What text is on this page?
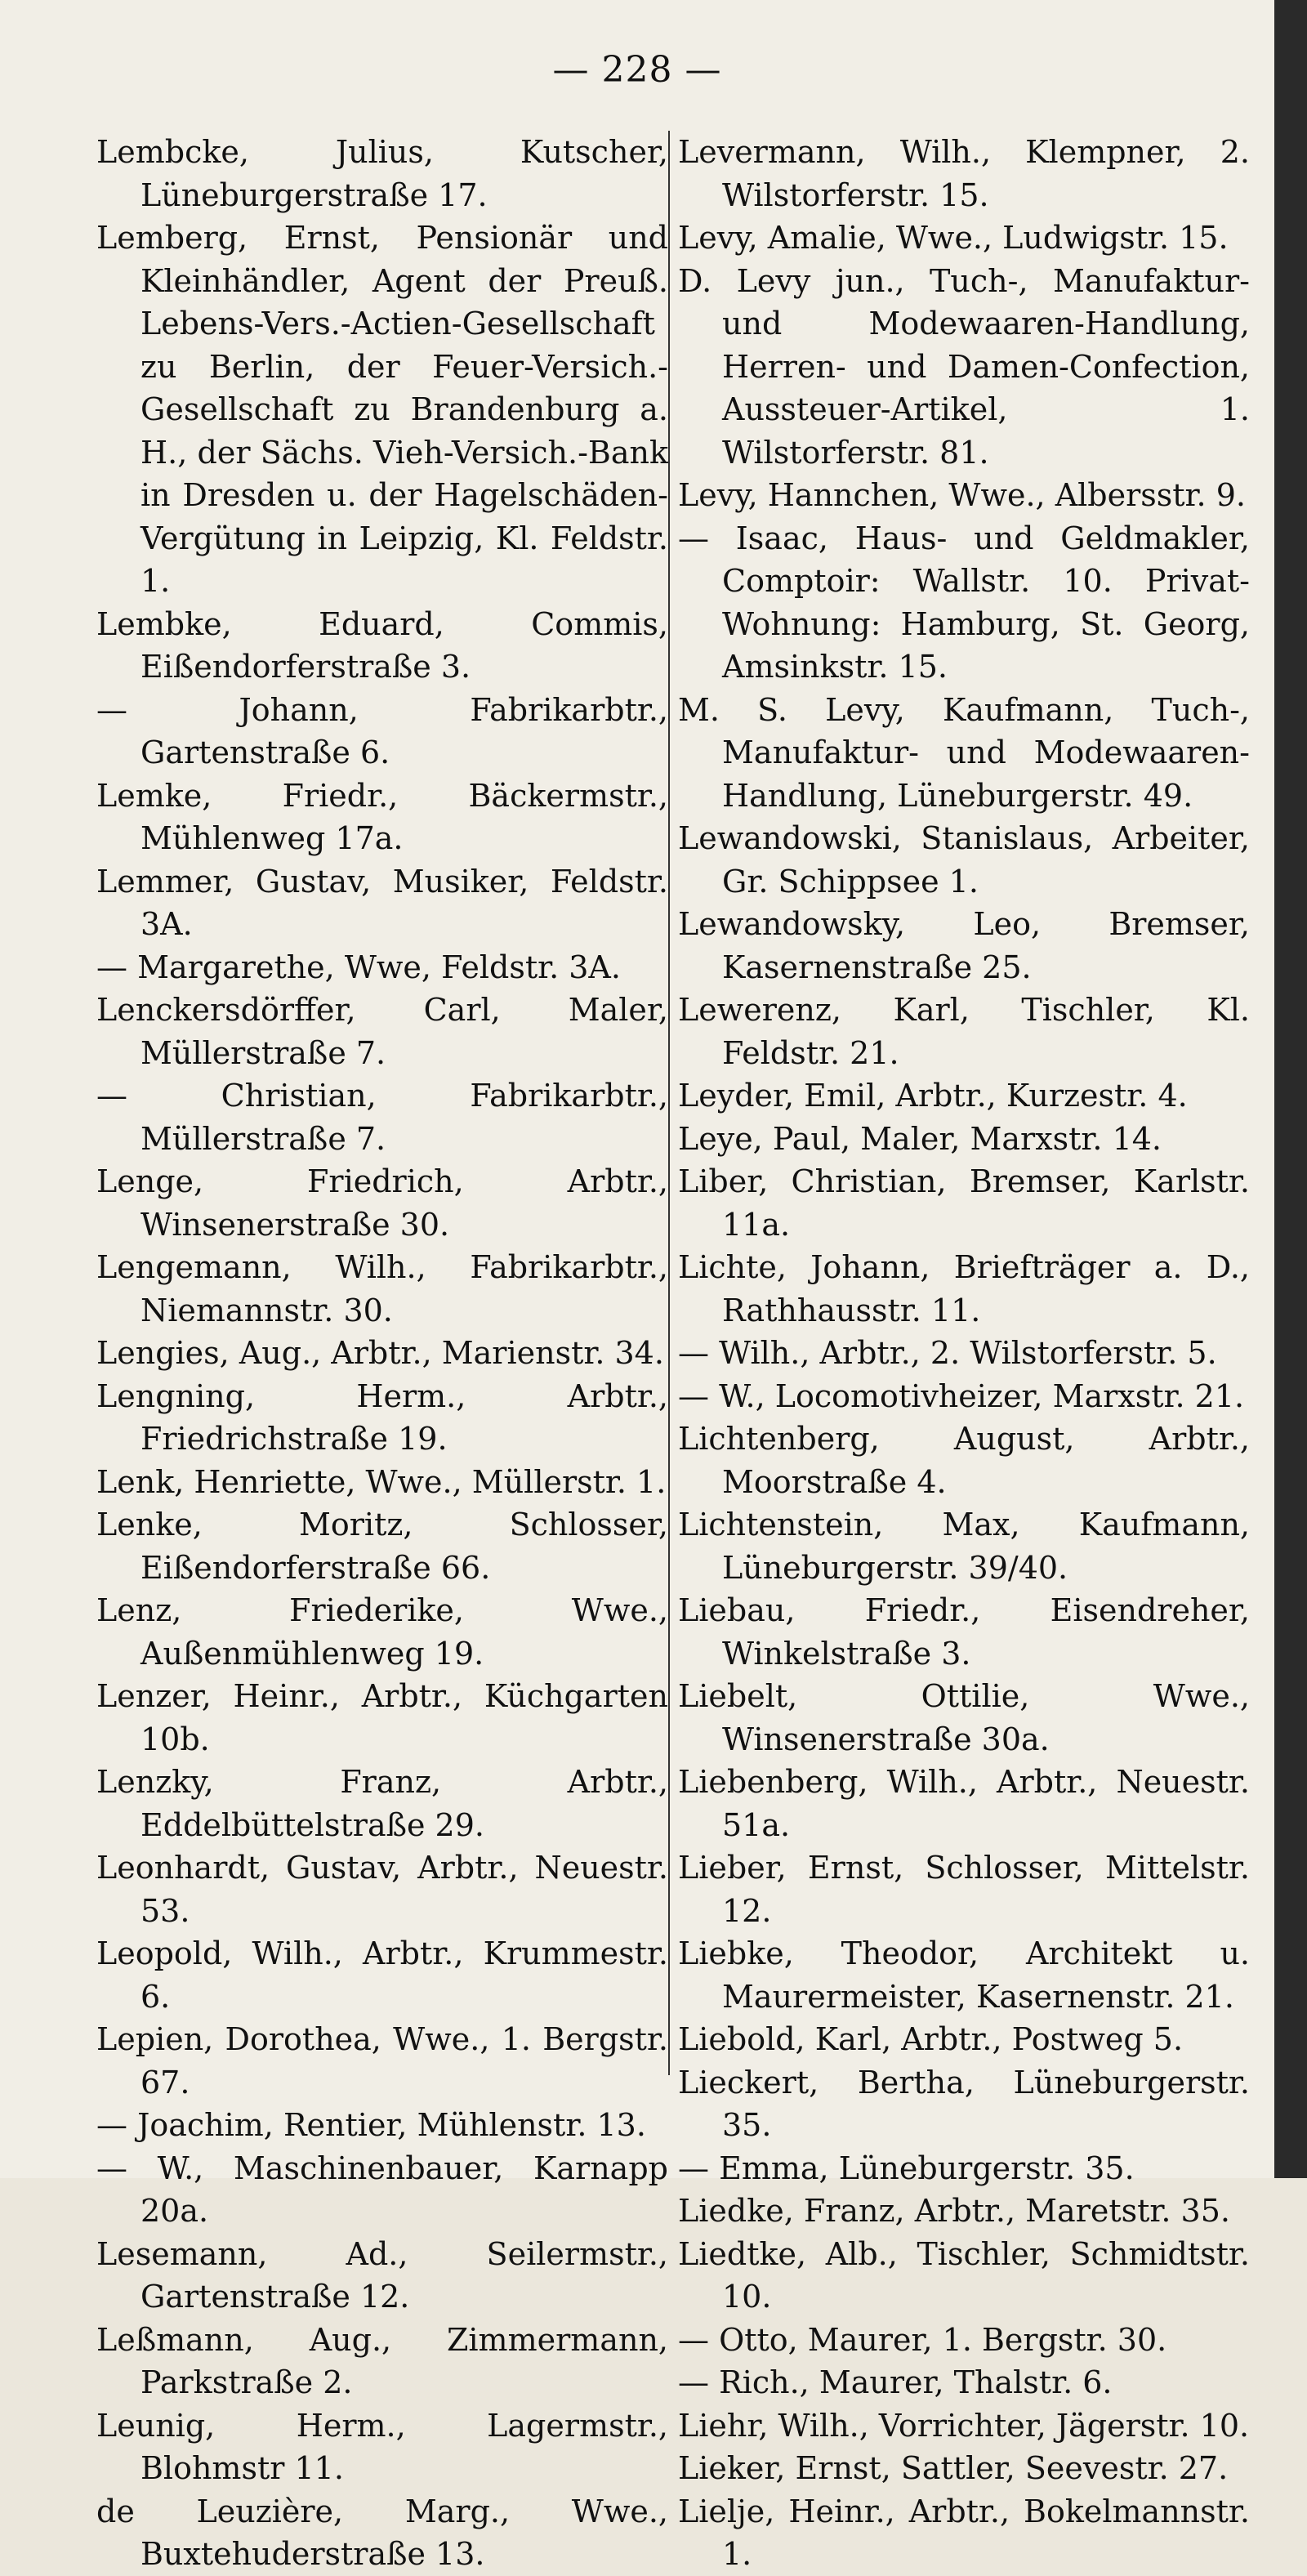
— 228 —

Lembcke, Julius, Kutscher, Lüneburgerstraße 17.

Lemberg, Ernst, Pensionär und Kleinhändler, Agent der Preuß. Lebens-Vers.-Actien-Gesellschaft zu Berlin, der Feuer-Versich.-Gesellschaft zu Brandenburg a. H., der Sächs. Vieh-Versich.-Bank in Dresden u. der Hagelschäden-Vergütung in Leipzig, Kl. Feldstr. 1.

Lembke, Eduard, Commis, Eißendorferstraße 3.

— Johann, Fabrikarbtr., Gartenstraße 6.

Lemke, Friedr., Bäckermstr., Mühlenweg 17a.

Lemmer, Gustav, Musiker, Feldstr. 3A.

— Margarethe, Wwe, Feldstr. 3A.

Lenckersdörffer, Carl, Maler, Müllerstraße 7.

— Christian, Fabrikarbtr., Müllerstraße 7.

Lenge, Friedrich, Arbtr., Winsenerstraße 30.

Lengemann, Wilh., Fabrikarbtr., Niemannstr. 30.

Lengies, Aug., Arbtr., Marienstr. 34.

Lengning, Herm., Arbtr., Friedrichstraße 19.

Lenk, Henriette, Wwe., Müllerstr. 1.

Lenke, Moritz, Schlosser, Eißendorferstraße 66.

Lenz, Friederike, Wwe., Außenmühlenweg 19.

Lenzer, Heinr., Arbtr., Küchgarten 10b.

Lenzky, Franz, Arbtr., Eddelbüttelstraße 29.

Leonhardt, Gustav, Arbtr., Neuestr. 53.

Leopold, Wilh., Arbtr., Krummestr. 6.

Lepien, Dorothea, Wwe., 1. Bergstr. 67.

— Joachim, Rentier, Mühlenstr. 13.

— W., Maschinenbauer, Karnapp 20a.

Lesemann, Ad., Seilermstr., Gartenstraße 12.

Leßmann, Aug., Zimmermann, Parkstraße 2.

Leunig, Herm., Lagermstr., Blohmstr 11.

de Leuzière, Marg., Wwe., Buxtehuderstraße 13.

Levermann, Wilh., Klempner, 2. Wilstorferstr. 15.

Levy, Amalie, Wwe., Ludwigstr. 15.

D. Levy jun., Tuch-, Manufaktur- und Modewaaren-Handlung, Herren- und Damen-Confection, Aussteuer-Artikel, 1. Wilstorferstr. 81.

Levy, Hannchen, Wwe., Albersstr. 9.

— Isaac, Haus- und Geldmakler, Comptoir: Wallstr. 10. Privat-Wohnung: Hamburg, St. Georg, Amsinkstr. 15.

M. S. Levy, Kaufmann, Tuch-, Manufaktur- und Modewaaren-Handlung, Lüneburgerstr. 49.

Lewandowski, Stanislaus, Arbeiter, Gr. Schippsee 1.

Lewandowsky, Leo, Bremser, Kasernenstraße 25.

Lewerenz, Karl, Tischler, Kl. Feldstr. 21.

Leyder, Emil, Arbtr., Kurzestr. 4.

Leye, Paul, Maler, Marxstr. 14.

Liber, Christian, Bremser, Karlstr. 11a.

Lichte, Johann, Briefträger a. D., Rathhausstr. 11.

— Wilh., Arbtr., 2. Wilstorferstr. 5.

— W., Locomotivheizer, Marxstr. 21.

Lichtenberg, August, Arbtr., Moorstraße 4.

Lichtenstein, Max, Kaufmann, Lüneburgerstr. 39/40.

Liebau, Friedr., Eisendreher, Winkelstraße 3.

Liebelt, Ottilie, Wwe., Winsenerstraße 30a.

Liebenberg, Wilh., Arbtr., Neuestr. 51a.

Lieber, Ernst, Schlosser, Mittelstr. 12.

Liebke, Theodor, Architekt u. Maurermeister, Kasernenstr. 21.

Liebold, Karl, Arbtr., Postweg 5.

Lieckert, Bertha, Lüneburgerstr. 35.

— Emma, Lüneburgerstr. 35.

Liedke, Franz, Arbtr., Maretstr. 35.

Liedtke, Alb., Tischler, Schmidtstr. 10.

— Otto, Maurer, 1. Bergstr. 30.

— Rich., Maurer, Thalstr. 6.

Liehr, Wilh., Vorrichter, Jägerstr. 10.

Lieker, Ernst, Sattler, Seevestr. 27.

Lielje, Heinr., Arbtr., Bokelmannstr. 1.
